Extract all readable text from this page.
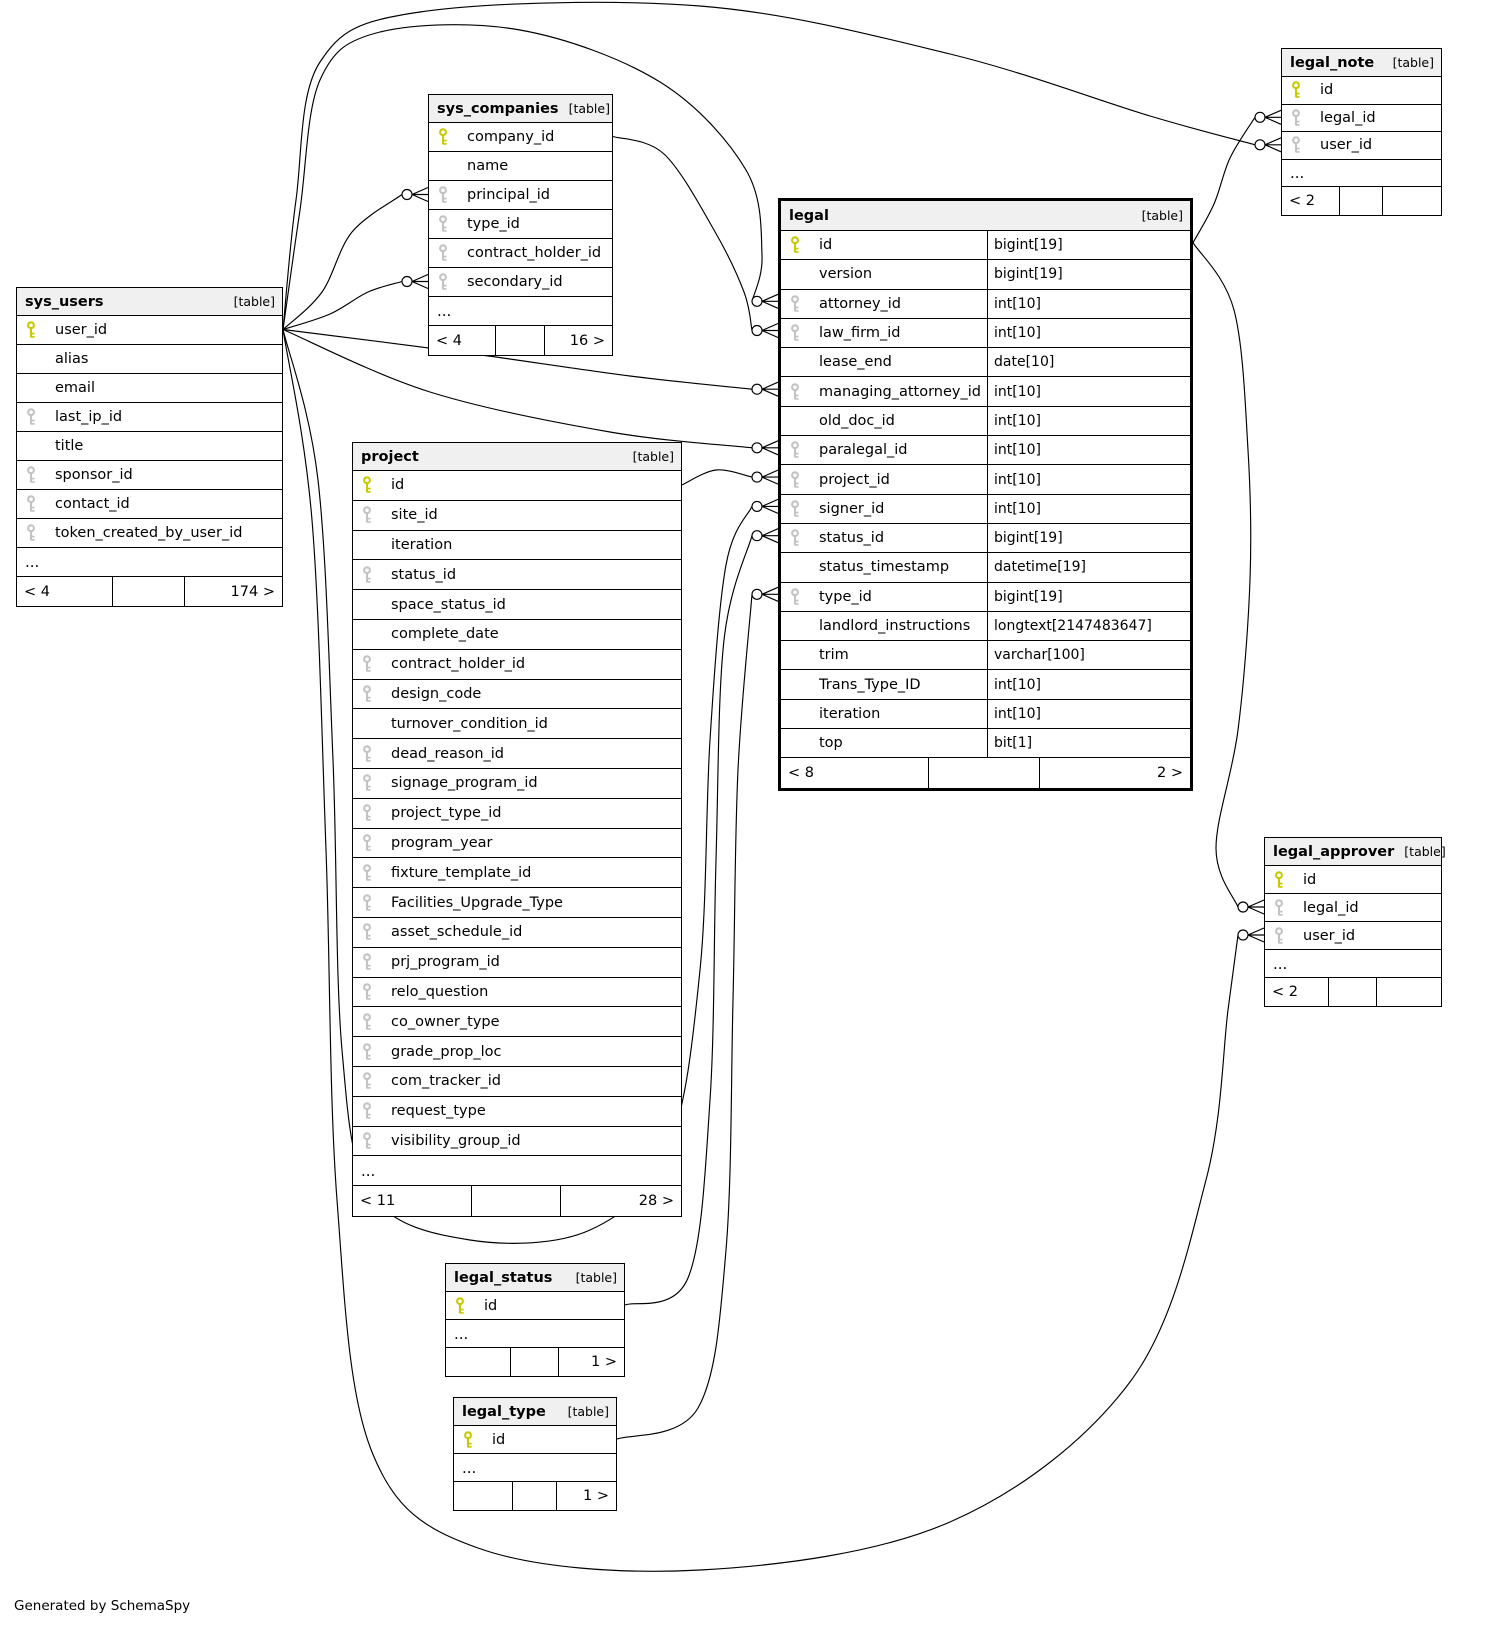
sys_users	[table]
user_id
alias
email
last_ip_id
title
sponsor_id
contact_id
token_created_by_user_id
...
< 4	174 >
sys_companies [table]
company_id
name
principal_id
type_id
contract_holder_id
secondary_id
...
< 4	16 >
legal	[table]
id	bigint[19]
version	bigint[19]
attorney_id	int[10]
law_firm_id	int[10]
lease_end	date[10]
managing_attorney_id int[10]
old_doc_id	int[10]
paralegal_id	int[10]
project_id	int[10]
signer_id	int[10]
status_id	bigint[19]
status_timestamp	datetime[19]
type_id	bigint[19]
landlord_instructions longtext[2147483647]
trim	varchar[100]
Trans_Type_ID	int[10]
iteration	int[10]
top	bit[1]
< 8	2 >
legal_note [table]
id
legal_id
user_id
...
< 2
project	[table]
id
site_id
iteration
status_id
space_status_id
complete_date
contract_holder_id
design_code
turnover_condition_id
dead_reason_id
signage_program_id
project_type_id
program_year
fixture_template_id
Facilities_Upgrade_Type
asset_schedule_id
prj_program_id
relo_question
co_owner_type
grade_prop_loc
com_tracker_id
request_type
visibility_group_id
...
< 11	28 >
legal_status [table]
id
...
1 >
legal_type [table]
id
...
1 >
legal_approver [table]
id
legal_id
user_id
...
< 2
Generated by SchemaSpy
